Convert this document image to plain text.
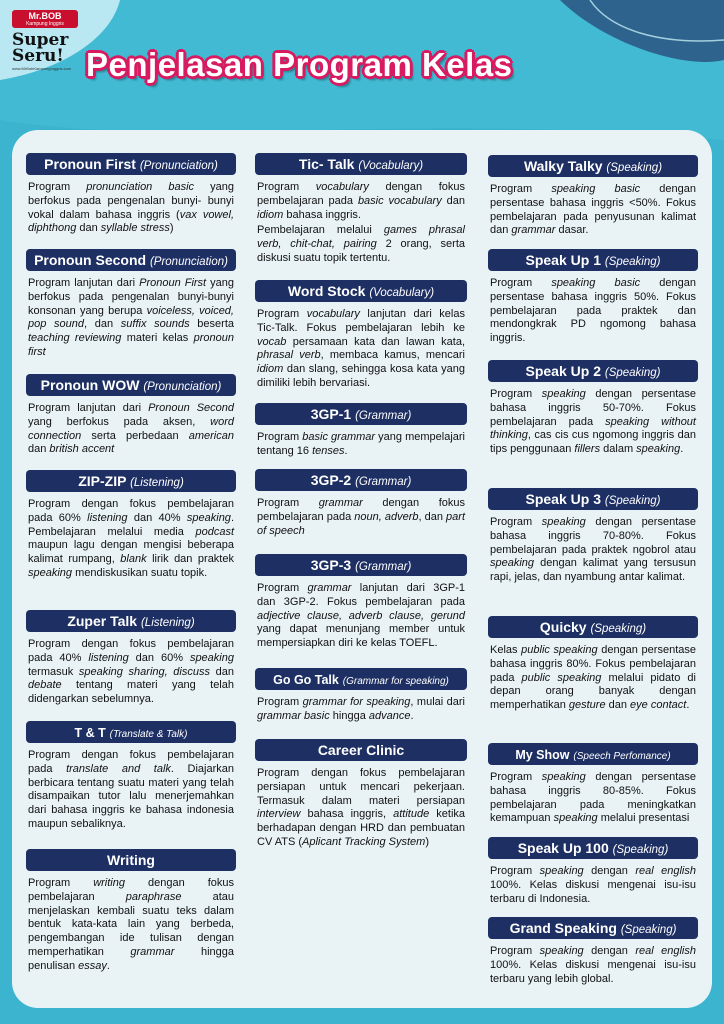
Mr.BOB
Kampung Inggris
Super
Seru!
www.MrBobKampungInggris.com Penjelasan Program Kelas
Pronoun First (Pronunciation)
Program pronunciation basic yang berfokus pada pengenalan bunyi- bunyi vokal dalam bahasa inggris (vax vowel, diphthong dan syllable stress)
Pronoun Second (Pronunciation)
Program lanjutan dari Pronoun First yang berfokus pada pengenalan bunyi-bunyi konsonan yang berupa voiceless, voiced, pop sound, dan suffix sounds beserta teaching reviewing materi kelas pronoun first
Pronoun WOW (Pronunciation)
Program lanjutan dari Pronoun Second yang berfokus pada aksen, word connection serta perbedaan american dan british accent
ZIP-ZIP (Listening)
Program dengan fokus pembelajaran pada 60% listening dan 40% speaking. Pembelajaran melalui media podcast maupun lagu dengan mengisi beberapa kalimat rumpang, blank lirik dan praktek speaking mendiskusikan suatu topik.
Zuper Talk (Listening)
Program dengan fokus pembelajaran pada 40% listening dan 60% speaking termasuk speaking sharing, discuss dan debate tentang materi yang telah didengarkan sebelumnya.
T & T (Translate & Talk)
Program dengan fokus pembelajaran pada translate and talk. Diajarkan berbicara tentang suatu materi yang telah disampaikan tutor lalu menerjemahkan dari bahasa inggris ke bahasa indonesia maupun sebaliknya.
Writing
Program writing dengan fokus pembelajaran paraphrase atau menjelaskan kembali suatu teks dalam bentuk kata-kata lain yang berbeda, pengembangan ide tulisan dengan memperhatikan grammar hingga penulisan essay.
Tic- Talk (Vocabulary)
Program vocabulary dengan fokus pembelajaran pada basic vocabulary dan idiom bahasa inggris.
Pembelajaran melalui games phrasal verb, chit-chat, pairing 2 orang, serta diskusi suatu topik tertentu.
Word Stock (Vocabulary)
Program vocabulary lanjutan dari kelas Tic-Talk. Fokus pembelajaran lebih ke vocab persamaan kata dan lawan kata, phrasal verb, membaca kamus, mencari idiom dan slang, sehingga kosa kata yang dimiliki lebih bervariasi.
3GP-1 (Grammar)
Program basic grammar yang mempelajari tentang 16 tenses.
3GP-2 (Grammar)
Program grammar dengan fokus pembelajaran pada noun, adverb, dan part of speech
3GP-3 (Grammar)
Program grammar lanjutan dari 3GP-1 dan 3GP-2. Fokus pembelajaran pada adjective clause, adverb clause, gerund yang dapat menunjang member untuk mempersiapkan diri ke kelas TOEFL.
Go Go Talk (Grammar for speaking)
Program grammar for speaking, mulai dari grammar basic hingga advance.
Career Clinic
Program dengan fokus pembelajaran persiapan untuk mencari pekerjaan. Termasuk dalam materi persiapan interview bahasa inggris, attitude ketika berhadapan dengan HRD dan pembuatan CV ATS (Aplicant Tracking System)
Walky Talky (Speaking)
Program speaking basic dengan persentase bahasa inggris <50%. Fokus pembelajaran pada penyusunan kalimat dan grammar dasar.
Speak Up 1 (Speaking)
Program speaking basic dengan persentase bahasa inggris 50%. Fokus pembelajaran pada praktek dan mendongkrak PD ngomong bahasa inggris.
Speak Up 2 (Speaking)
Program speaking dengan persentase bahasa inggris 50-70%. Fokus pembelajaran pada speaking without thinking, cas cis cus ngomong inggris dan tips penggunaan fillers dalam speaking.
Speak Up 3 (Speaking)
Program speaking dengan persentase bahasa inggris 70-80%. Fokus pembelajaran pada praktek ngobrol atau speaking dengan kalimat yang tersusun rapi, jelas, dan nyambung antar kalimat.
Quicky (Speaking)
Kelas public speaking dengan persentase bahasa inggris 80%. Fokus pembelajaran pada public speaking melalui pidato di depan orang banyak dengan memperhatikan gesture dan eye contact.
My Show (Speech Perfomance)
Program speaking dengan persentase bahasa inggris 80-85%. Fokus pembelajaran pada meningkatkan kemampuan speaking melalui presentasi
Speak Up 100 (Speaking)
Program speaking dengan real english 100%. Kelas diskusi mengenai isu-isu terbaru di Indonesia.
Grand Speaking (Speaking)
Program speaking dengan real english 100%. Kelas diskusi mengenai isu-isu terbaru yang lebih global.
